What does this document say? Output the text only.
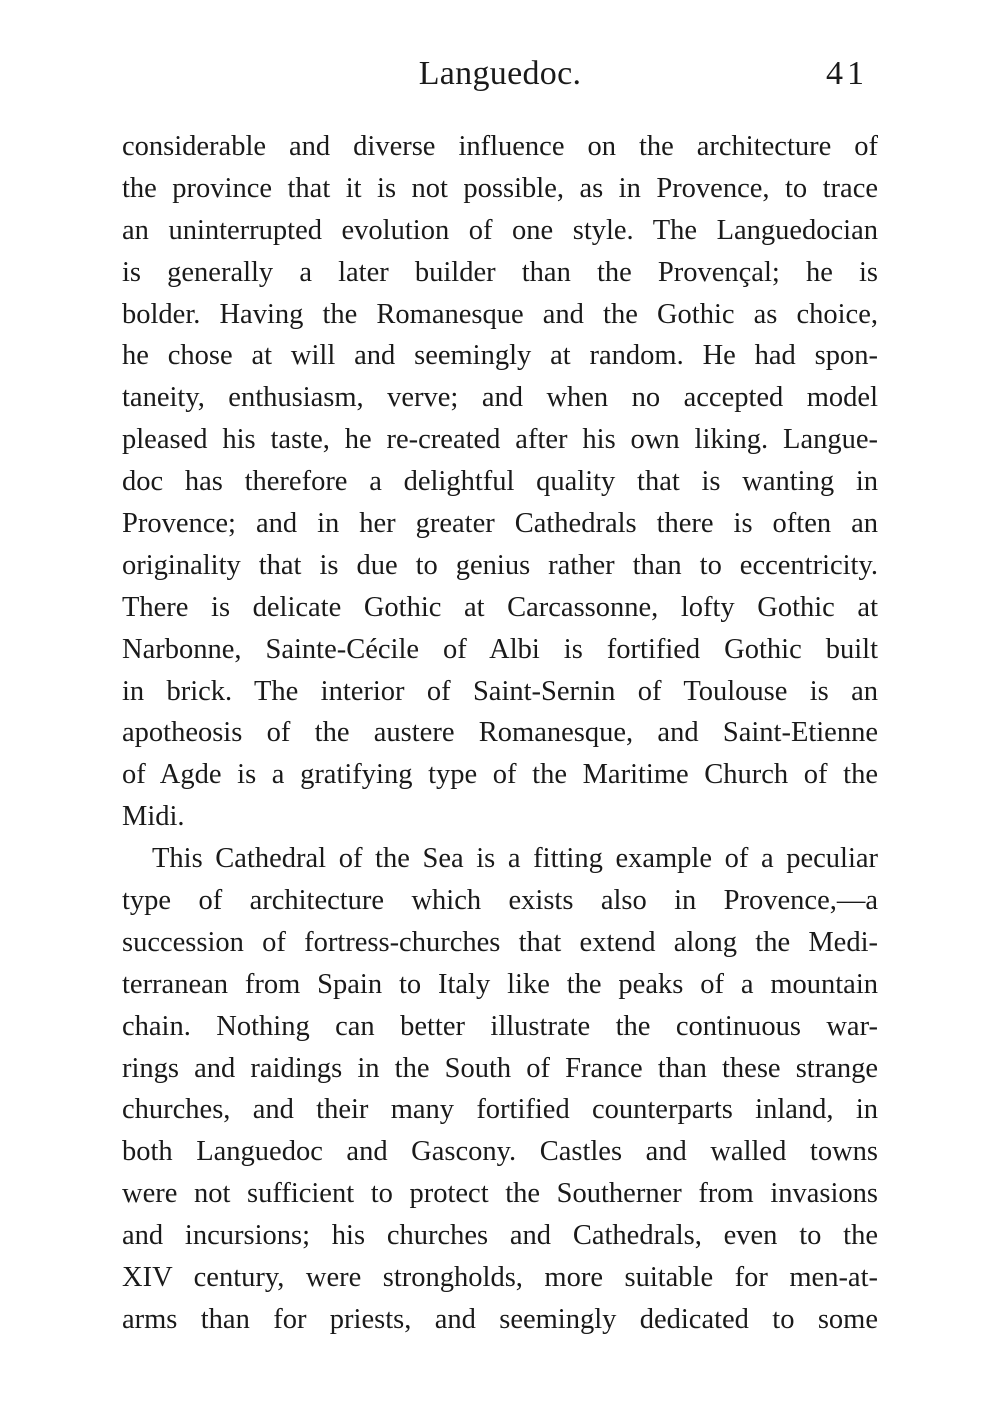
Languedoc.	41
considerable and diverse influence on the architecture of
the province that it is not possible, as in Provence, to trace
an uninterrupted evolution of one style. The Languedocian
is generally a later builder than the Provençal; he is
bolder. Having the Romanesque and the Gothic as choice,
he chose at will and seemingly at random. He had spon-
taneity, enthusiasm, verve; and when no accepted model
pleased his taste, he re-created after his own liking. Langue-
doc has therefore a delightful quality that is wanting in
Provence; and in her greater Cathedrals there is often an
originality that is due to genius rather than to eccentricity.
There is delicate Gothic at Carcassonne, lofty Gothic at
Narbonne, Sainte-Cécile of Albi is fortified Gothic built
in brick. The interior of Saint-Sernin of Toulouse is an
apotheosis of the austere Romanesque, and Saint-Etienne
of Agde is a gratifying type of the Maritime Church of the
Midi.
This Cathedral of the Sea is a fitting example of a peculiar
type of architecture which exists also in Provence,—a
succession of fortress-churches that extend along the Medi-
terranean from Spain to Italy like the peaks of a mountain
chain. Nothing can better illustrate the continuous war-
rings and raidings in the South of France than these strange
churches, and their many fortified counterparts inland, in
both Languedoc and Gascony. Castles and walled towns
were not sufficient to protect the Southerner from invasions
and incursions; his churches and Cathedrals, even to the
XIV century, were strongholds, more suitable for men-at-
arms than for priests, and seemingly dedicated to some
